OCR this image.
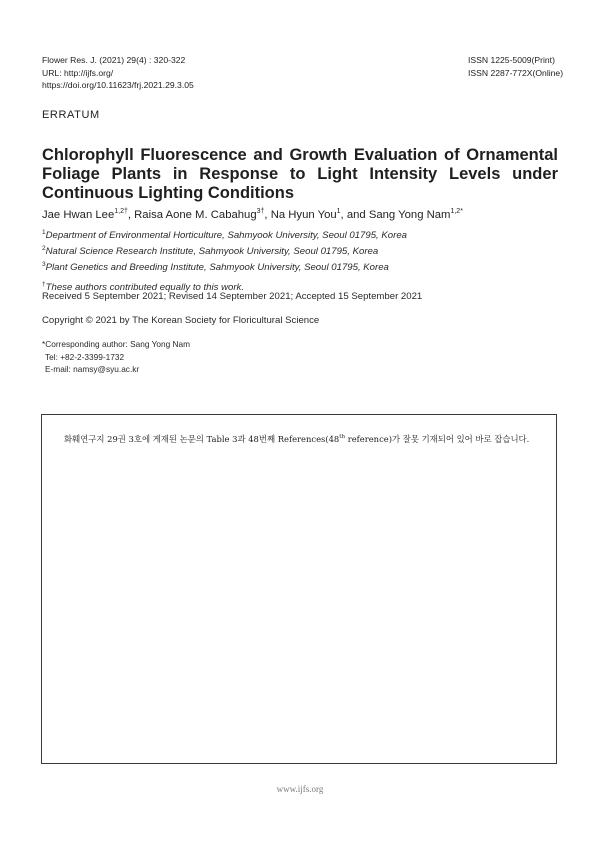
Flower Res. J. (2021) 29(4) : 320-322
URL: http://ijfs.org/
https://doi.org/10.11623/frj.2021.29.3.05
ISSN 1225-5009(Print)
ISSN 2287-772X(Online)
ERRATUM
Chlorophyll Fluorescence and Growth Evaluation of Ornamental Foliage Plants in Response to Light Intensity Levels under Continuous Lighting Conditions
Jae Hwan Lee$^{1,2\dagger}$, Raisa Aone M. Cabahug$^{3\dagger}$, Na Hyun You$^1$, and Sang Yong Nam$^{1,2*}$
$^1$Department of Environmental Horticulture, Sahmyook University, Seoul 01795, Korea
$^2$Natural Science Research Institute, Sahmyook University, Seoul 01795, Korea
$^3$Plant Genetics and Breeding Institute, Sahmyook University, Seoul 01795, Korea
†These authors contributed equally to this work.
Received 5 September 2021; Revised 14 September 2021; Accepted 15 September 2021
Copyright © 2021 by The Korean Society for Floricultural Science
*Corresponding author: Sang Yong Nam
Tel: +82-2-3399-1732
E-mail: namsy@syu.ac.kr
화훼연구지 29권 3호에 게재된 논문의 Table 3과 48번째 References(48th reference)가 잘못 기재되어 있어 바로 잡습니다.
www.ijfs.org
